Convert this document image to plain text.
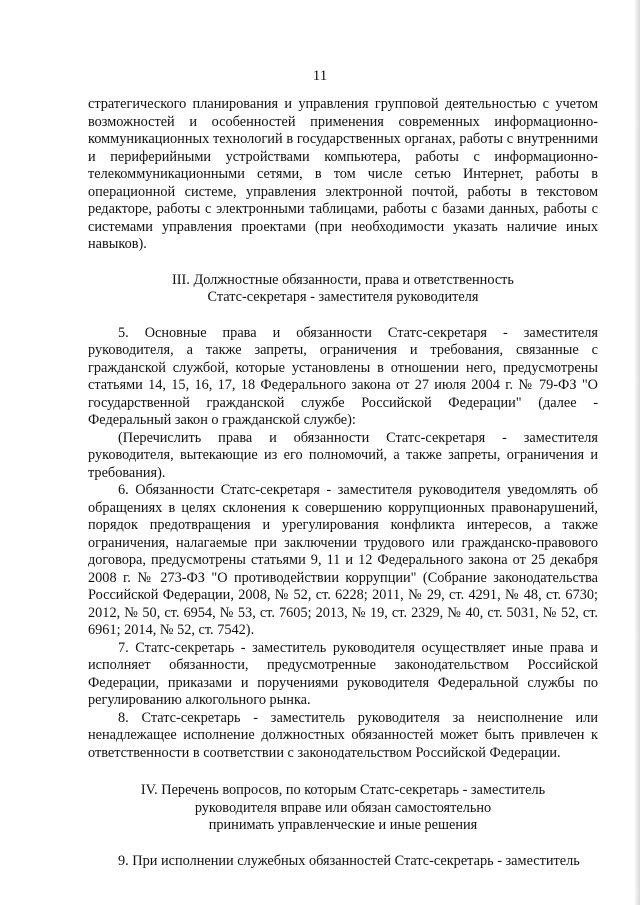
11

стратегического планирования и управления групповой деятельностью с учетом возможностей и особенностей применения современных информационно-коммуникационных технологий в государственных органах, работы с внутренними и периферийными устройствами компьютера, работы с информационно-телекоммуникационными сетями, в том числе сетью Интернет, работы в операционной системе, управления электронной почтой, работы в текстовом редакторе, работы с электронными таблицами, работы с базами данных, работы с системами управления проектами (при необходимости указать наличие иных навыков).

III. Должностные обязанности, права и ответственность
Статс-секретаря - заместителя руководителя

5. Основные права и обязанности Статс-секретаря - заместителя руководителя, а также запреты, ограничения и требования, связанные с гражданской службой, которые установлены в отношении него, предусмотрены статьями 14, 15, 16, 17, 18 Федерального закона от 27 июля 2004 г. № 79-ФЗ "О государственной гражданской службе Российской Федерации" (далее - Федеральный закон о гражданской службе):

(Перечислить права и обязанности Статс-секретаря - заместителя руководителя, вытекающие из его полномочий, а также запреты, ограничения и требования).

6. Обязанности Статс-секретаря - заместителя руководителя уведомлять об обращениях в целях склонения к совершению коррупционных правонарушений, порядок предотвращения и урегулирования конфликта интересов, а также ограничения, налагаемые при заключении трудового или гражданско-правового договора, предусмотрены статьями 9, 11 и 12 Федерального закона от 25 декабря 2008 г. № 273-ФЗ "О противодействии коррупции" (Собрание законодательства Российской Федерации, 2008, № 52, ст. 6228; 2011, № 29, ст. 4291, № 48, ст. 6730; 2012, № 50, ст. 6954, № 53, ст. 7605; 2013, № 19, ст. 2329, № 40, ст. 5031, № 52, ст. 6961; 2014, № 52, ст. 7542).

7. Статс-секретарь - заместитель руководителя осуществляет иные права и исполняет обязанности, предусмотренные законодательством Российской Федерации, приказами и поручениями руководителя Федеральной службы по регулированию алкогольного рынка.

8. Статс-секретарь - заместитель руководителя за неисполнение или ненадлежащее исполнение должностных обязанностей может быть привлечен к ответственности в соответствии с законодательством Российской Федерации.

IV. Перечень вопросов, по которым Статс-секретарь - заместитель
руководителя вправе или обязан самостоятельно
принимать управленческие и иные решения

9. При исполнении служебных обязанностей Статс-секретарь - заместитель
